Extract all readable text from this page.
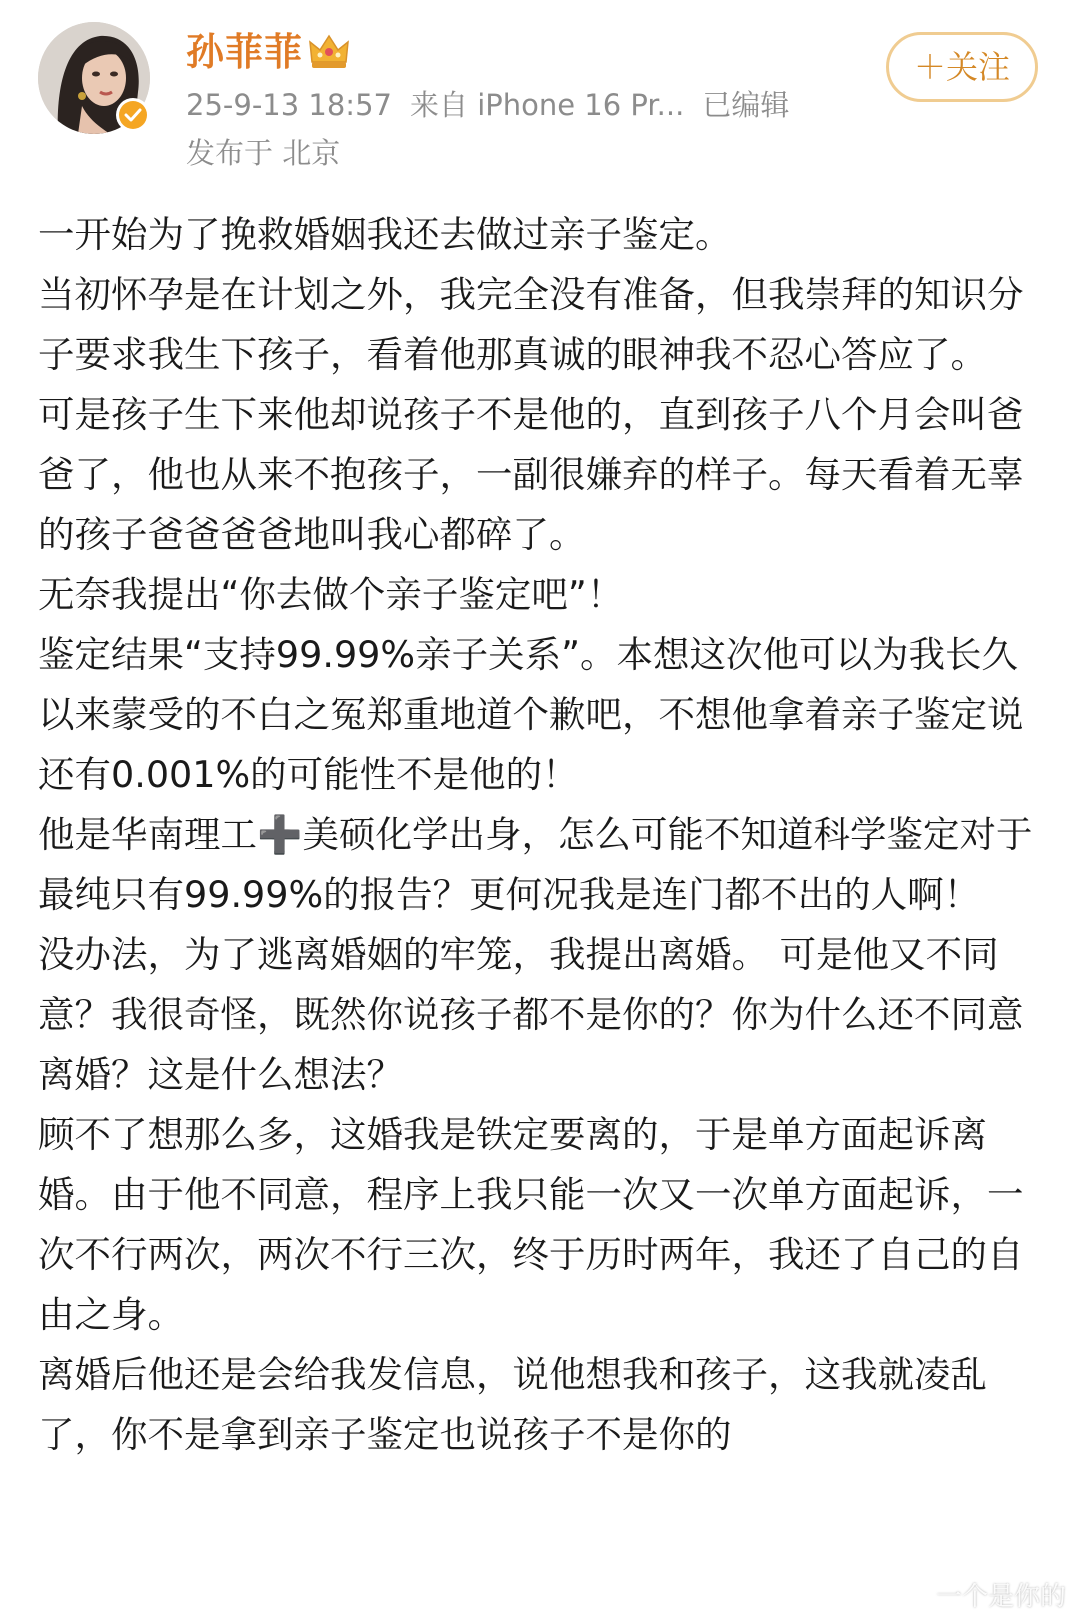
孙菲菲
25-9-13 18:57 来自 iPhone 16 Pr... 已编辑
发布于 北京
＋关注

一开始为了挽救婚姻我还去做过亲子鉴定。

当初怀孕是在计划之外，我完全没有准备，但我崇拜的知识分子要求我生下孩子，看着他那真诚的眼神我不忍心答应了。

可是孩子生下来他却说孩子不是他的，直到孩子八个月会叫爸爸了，他也从来不抱孩子，一副很嫌弃的样子。每天看着无辜的孩子爸爸爸爸地叫我心都碎了。

无奈我提出“你去做个亲子鉴定吧”！

鉴定结果“支持99.99%亲子关系”。本想这次他可以为我长久以来蒙受的不白之冤郑重地道个歉吧，不想他拿着亲子鉴定说还有0.001%的可能性不是他的！

他是华南理工➕美硕化学出身，怎么可能不知道科学鉴定对于最纯只有99.99%的报告？更何况我是连门都不出的人啊！

没办法，为了逃离婚姻的牢笼，我提出离婚。 可是他又不同意？我很奇怪，既然你说孩子都不是你的？你为什么还不同意离婚？这是什么想法？

顾不了想那么多，这婚我是铁定要离的，于是单方面起诉离婚。由于他不同意，程序上我只能一次又一次单方面起诉，一次不行两次，两次不行三次，终于历时两年，我还了自己的自由之身。

离婚后他还是会给我发信息，说他想我和孩子，这我就凌乱了，你不是拿到亲子鉴定也说孩子不是你的

一个是你的
